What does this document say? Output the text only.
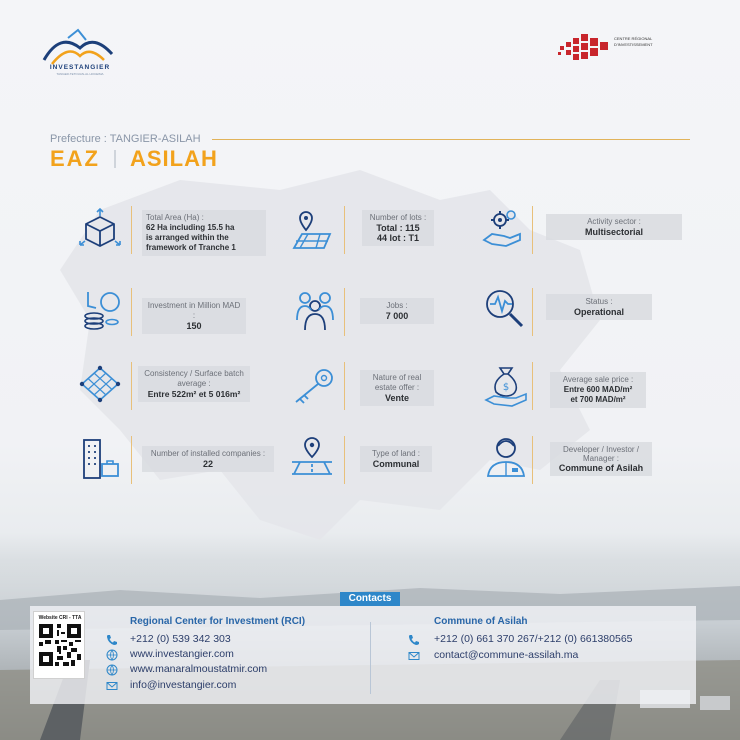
INVESTANGIER
TANGER-TETOUAN-AL HOCEIMA
CENTRE RÉGIONAL D'INVESTISSEMENT
Prefecture : TANGIER-ASILAH
EAZ ASILAH
Total Area (Ha) :
62 Ha including 15.5 ha
is arranged within the
framework of Tranche 1
Number of lots :
Total : 115
44 lot : T1
Activity sector :
Multisectorial
Investment in Million MAD :
150
Jobs :
7 000
Status :
Operational
Consistency / Surface batch average :
Entre 522m² et 5 016m²
Nature of real estate offer :
Vente
$
Average sale price :
Entre 600 MAD/m²
et 700 MAD/m²
Number of installed companies :
22
Type of land :
Communal
Developer / Investor / Manager :
Commune of Asilah
Contacts
Website CRI - TTA	Regional Center for Investment (RCI)
+212 (0) 539 342 303
www.investangier.com
www.manaralmoustatmir.com
info@investangier.com
Commune of Asilah
+212 (0) 661 370 267/+212 (0) 661380565
contact@commune-assilah.ma
